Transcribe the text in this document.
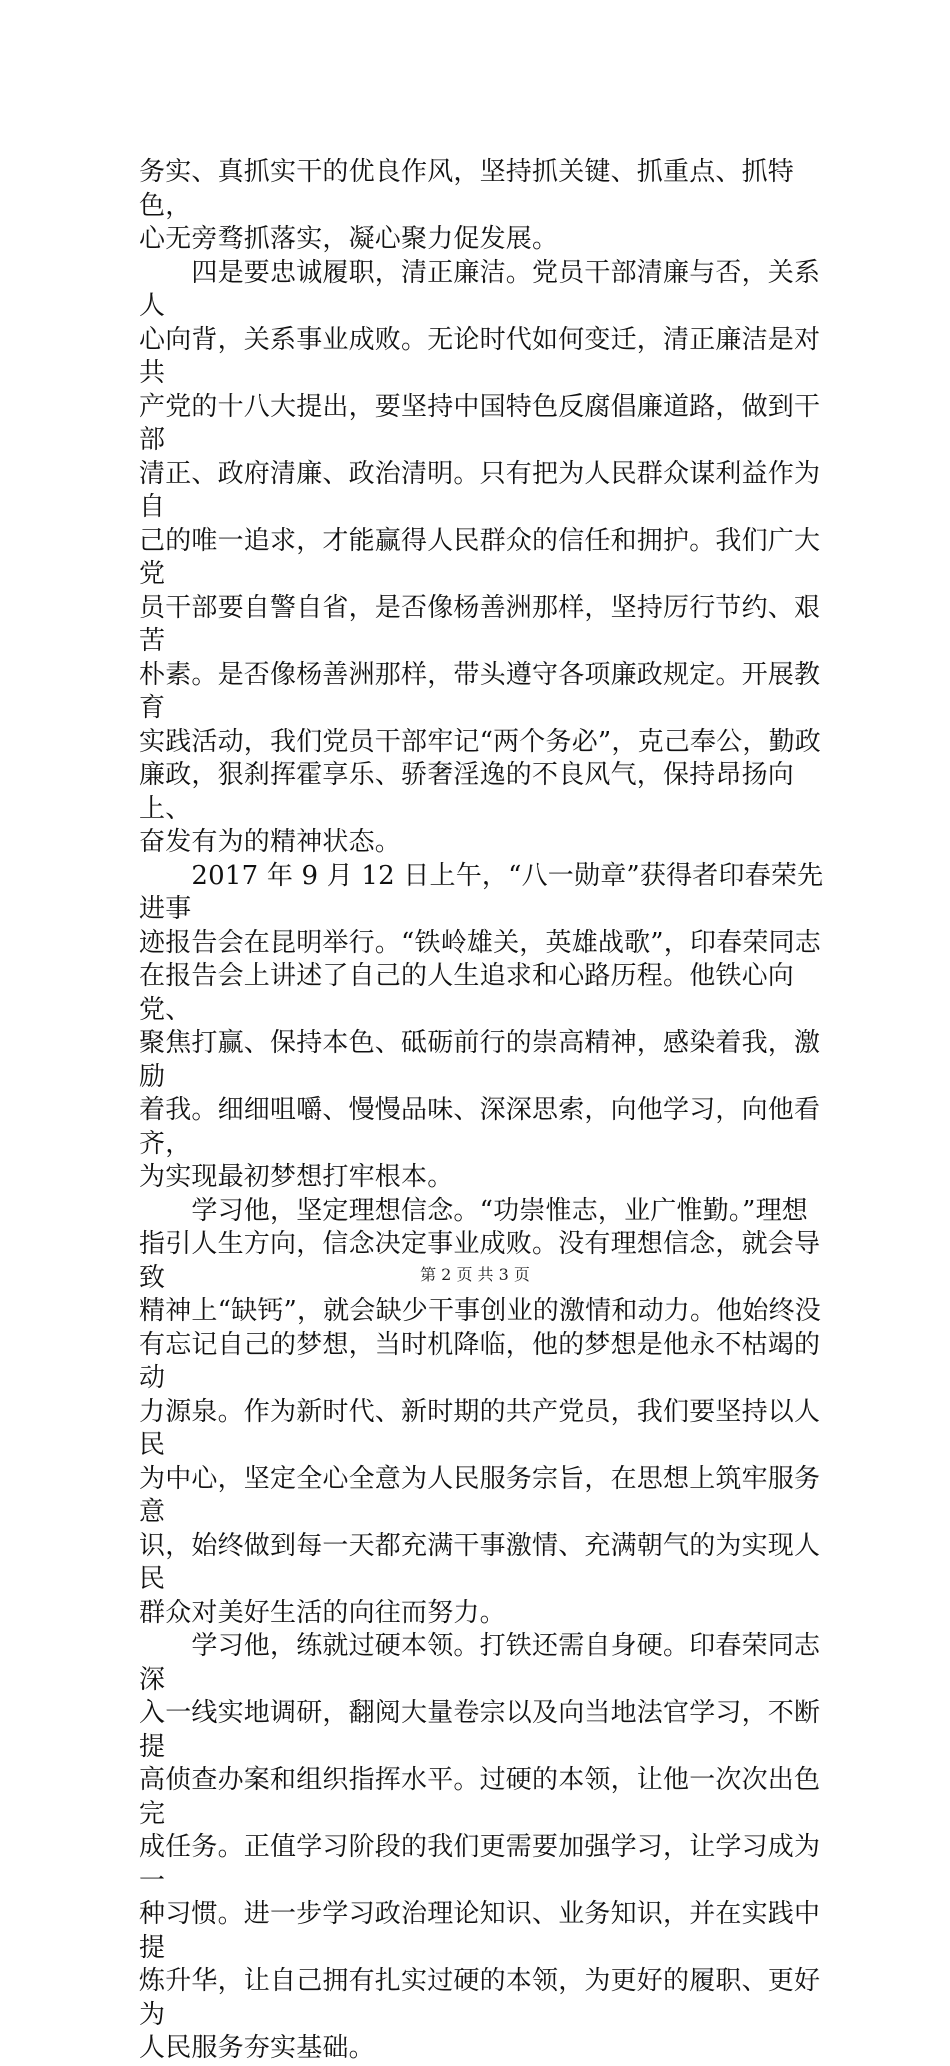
务实、真抓实干的优良作风，坚持抓关键、抓重点、抓特色，
心无旁骛抓落实，凝心聚力促发展。

　　四是要忠诚履职，清正廉洁。党员干部清廉与否，关系人
心向背，关系事业成败。无论时代如何变迁，清正廉洁是对共
产党的十八大提出，要坚持中国特色反腐倡廉道路，做到干部
清正、政府清廉、政治清明。只有把为人民群众谋利益作为自
己的唯一追求，才能赢得人民群众的信任和拥护。我们广大党
员干部要自警自省，是否像杨善洲那样，坚持厉行节约、艰苦
朴素。是否像杨善洲那样，带头遵守各项廉政规定。开展教育
实践活动，我们党员干部牢记“两个务必”，克己奉公，勤政
廉政，狠刹挥霍享乐、骄奢淫逸的不良风气，保持昂扬向上、
奋发有为的精神状态。

　　2017 年 9 月 12 日上午，“八一勋章”获得者印春荣先进事
迹报告会在昆明举行。“铁岭雄关，英雄战歌”，印春荣同志
在报告会上讲述了自己的人生追求和心路历程。他铁心向党、
聚焦打赢、保持本色、砥砺前行的崇高精神，感染着我，激励
着我。细细咀嚼、慢慢品味、深深思索，向他学习，向他看齐，
为实现最初梦想打牢根本。

　　学习他，坚定理想信念。“功崇惟志，业广惟勤。”理想
指引人生方向，信念决定事业成败。没有理想信念，就会导致
精神上“缺钙”，就会缺少干事创业的激情和动力。他始终没
有忘记自己的梦想，当时机降临，他的梦想是他永不枯竭的动
力源泉。作为新时代、新时期的共产党员，我们要坚持以人民
为中心，坚定全心全意为人民服务宗旨，在思想上筑牢服务意
识，始终做到每一天都充满干事激情、充满朝气的为实现人民
群众对美好生活的向往而努力。

　　学习他，练就过硬本领。打铁还需自身硬。印春荣同志深
入一线实地调研，翻阅大量卷宗以及向当地法官学习，不断提
高侦查办案和组织指挥水平。过硬的本领，让他一次次出色完
成任务。正值学习阶段的我们更需要加强学习，让学习成为一
种习惯。进一步学习政治理论知识、业务知识，并在实践中提
炼升华，让自己拥有扎实过硬的本领，为更好的履职、更好为
人民服务夯实基础。

第 2 页 共 3 页
